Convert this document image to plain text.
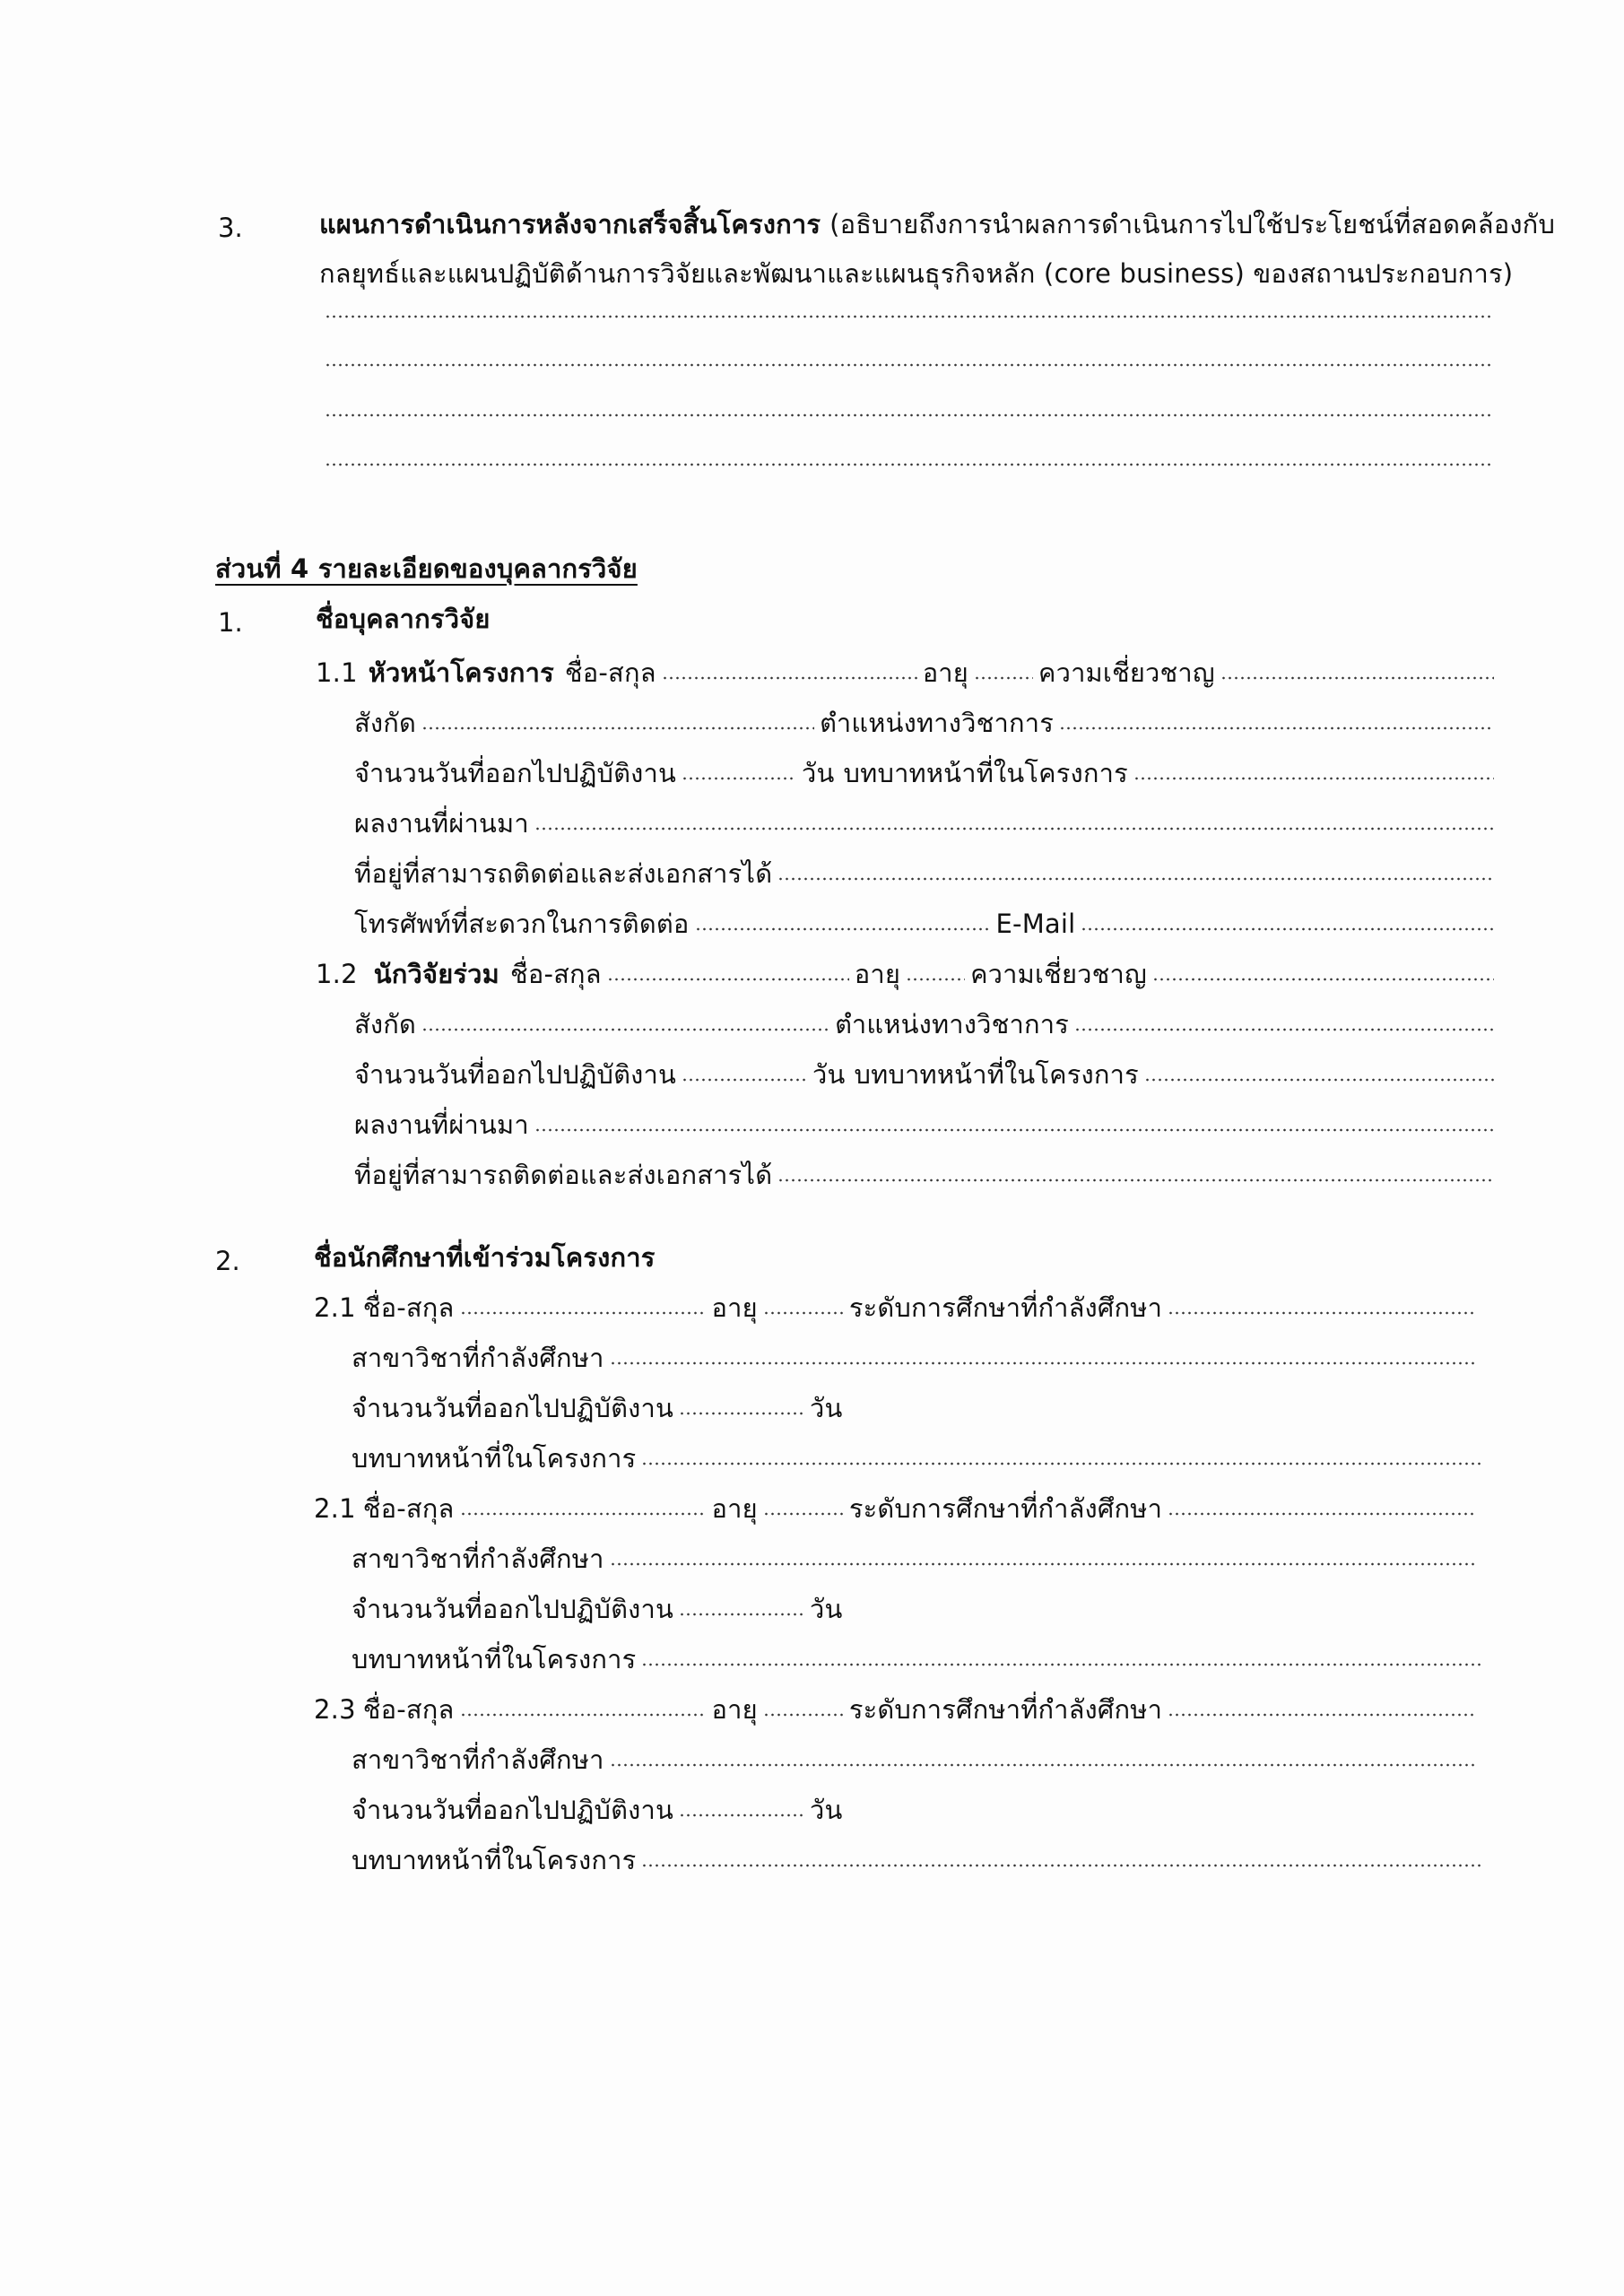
3.	แผนการดำเนินการหลังจากเสร็จสิ้นโครงการ (อธิบายถึงการนำผลการดำเนินการไปใช้ประโยชน์ที่สอดคล้องกับ
กลยุทธ์และแผนปฏิบัติด้านการวิจัยและพัฒนาและแผนธุรกิจหลัก (core business) ของสถานประกอบการ)
ส่วนที่ 4 รายละเอียดของบุคลากรวิจัย
1.	ชื่อบุคลากรวิจัย
1.1 หัวหน้าโครงการ ชื่อ-สกุล	อายุ	ความเชี่ยวชาญ
สังกัด	ตำแหน่งทางวิชาการ
จำนวนวันที่ออกไปปฏิบัติงาน	วัน บทบาทหน้าที่ในโครงการ
ผลงานที่ผ่านมา
ที่อยู่ที่สามารถติดต่อและส่งเอกสารได้
โทรศัพท์ที่สะดวกในการติดต่อ	E-Mail
1.2 นักวิจัยร่วม ชื่อ-สกุล	อายุ	ความเชี่ยวชาญ
สังกัด	ตำแหน่งทางวิชาการ
จำนวนวันที่ออกไปปฏิบัติงาน	วัน บทบาทหน้าที่ในโครงการ
ผลงานที่ผ่านมา
ที่อยู่ที่สามารถติดต่อและส่งเอกสารได้
2.	ชื่อนักศึกษาที่เข้าร่วมโครงการ
2.1 ชื่อ-สกุล	อายุ	ระดับการศึกษาที่กำลังศึกษา
สาขาวิชาที่กำลังศึกษา
จำนวนวันที่ออกไปปฏิบัติงาน	วัน
บทบาทหน้าที่ในโครงการ
2.1 ชื่อ-สกุล	อายุ	ระดับการศึกษาที่กำลังศึกษา
สาขาวิชาที่กำลังศึกษา
จำนวนวันที่ออกไปปฏิบัติงาน	วัน
บทบาทหน้าที่ในโครงการ
2.3 ชื่อ-สกุล	อายุ	ระดับการศึกษาที่กำลังศึกษา
สาขาวิชาที่กำลังศึกษา
จำนวนวันที่ออกไปปฏิบัติงาน	วัน
บทบาทหน้าที่ในโครงการ
